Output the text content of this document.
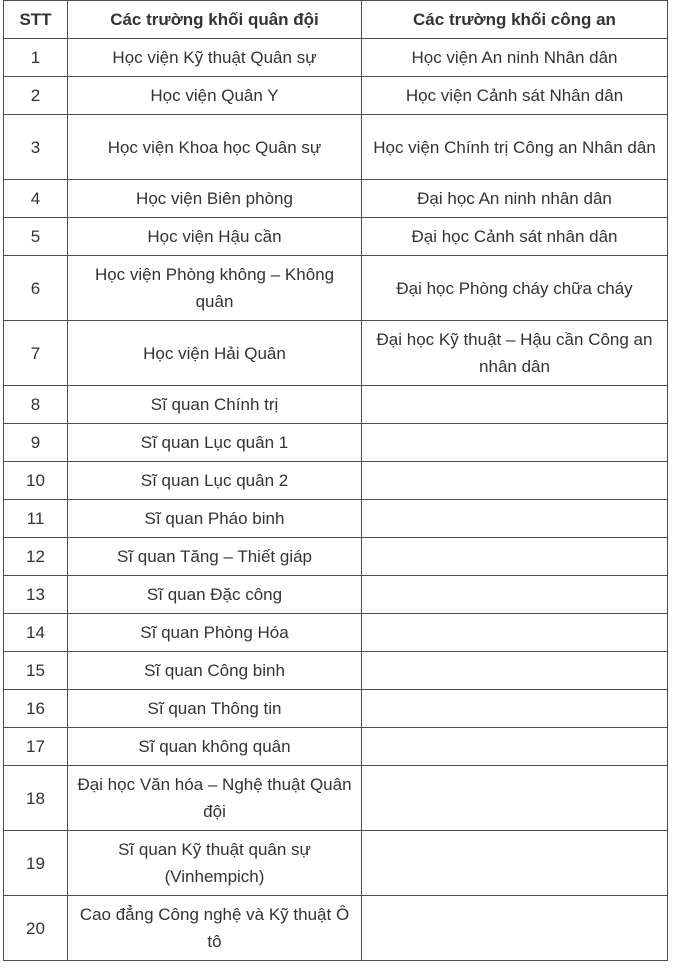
STT	Các trường khối quân đội	Các trường khối công an
1	Học viện Kỹ thuật Quân sự	Học viện An ninh Nhân dân
2	Học viện Quân Y	Học viện Cảnh sát Nhân dân
3	Học viện Khoa học Quân sự	Học viện Chính trị Công an Nhân dân
4	Học viện Biên phòng	Đại học An ninh nhân dân
5	Học viện Hậu cần	Đại học Cảnh sát nhân dân
6	Học viện Phòng không – Không quân	Đại học Phòng cháy chữa cháy
7	Học viện Hải Quân	Đại học Kỹ thuật – Hậu cần Công an nhân dân
8	Sĩ quan Chính trị	
9	Sĩ quan Lục quân 1	
10	Sĩ quan Lục quân 2	
11	Sĩ quan Pháo binh	
12	Sĩ quan Tăng – Thiết giáp	
13	Sĩ quan Đặc công	
14	Sĩ quan Phòng Hóa	
15	Sĩ quan Công binh	
16	Sĩ quan Thông tin	
17	Sĩ quan không quân	
18	Đại học Văn hóa – Nghệ thuật Quân đội	
19	Sĩ quan Kỹ thuật quân sự (Vinhempich)	
20	Cao đẳng Công nghệ và Kỹ thuật Ô tô	
